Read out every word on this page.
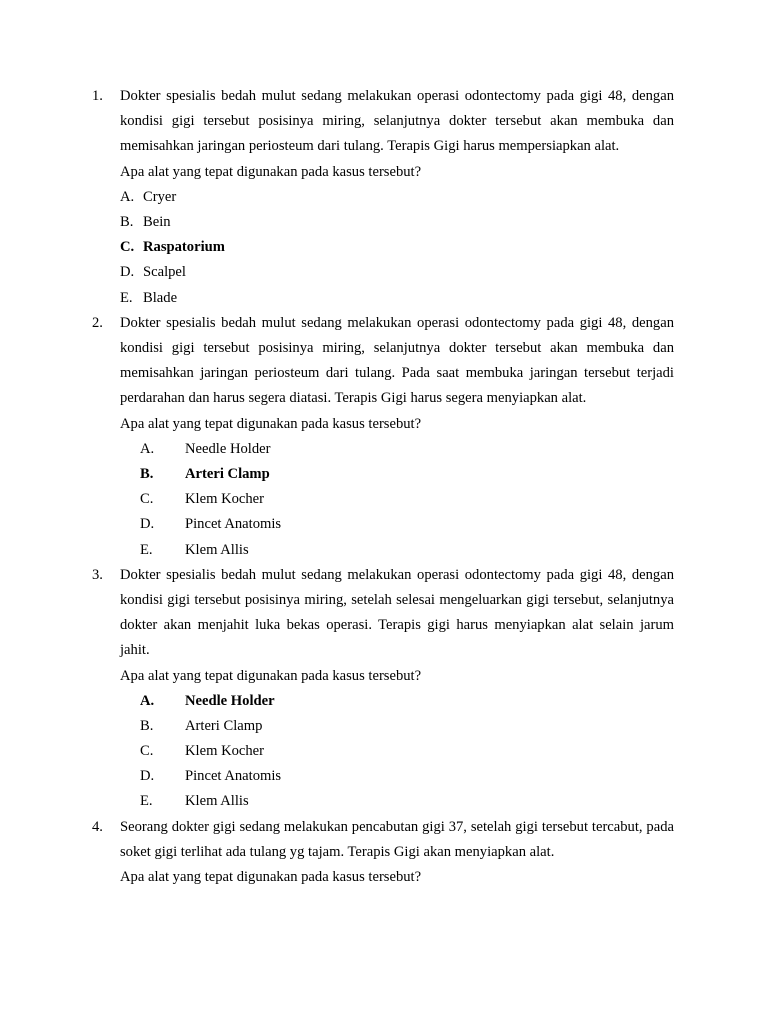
1. Dokter spesialis bedah mulut sedang melakukan operasi odontectomy pada gigi 48, dengan kondisi gigi tersebut posisinya miring, selanjutnya dokter tersebut akan membuka dan memisahkan jaringan periosteum dari tulang. Terapis Gigi harus mempersiapkan alat.
Apa alat yang tepat digunakan pada kasus tersebut?
A. Cryer
B. Bein
C. Raspatorium
D. Scalpel
E. Blade
2. Dokter spesialis bedah mulut sedang melakukan operasi odontectomy pada gigi 48, dengan kondisi gigi tersebut posisinya miring, selanjutnya dokter tersebut akan membuka dan memisahkan jaringan periosteum dari tulang. Pada saat membuka jaringan tersebut terjadi perdarahan dan harus segera diatasi. Terapis Gigi harus segera menyiapkan alat.
Apa alat yang tepat digunakan pada kasus tersebut?
A. Needle Holder
B. Arteri Clamp
C. Klem Kocher
D. Pincet Anatomis
E. Klem Allis
3. Dokter spesialis bedah mulut sedang melakukan operasi odontectomy pada gigi 48, dengan kondisi gigi tersebut posisinya miring, setelah selesai mengeluarkan gigi tersebut, selanjutnya dokter akan menjahit luka bekas operasi. Terapis gigi harus menyiapkan alat selain jarum jahit.
Apa alat yang tepat digunakan pada kasus tersebut?
A. Needle Holder
B. Arteri Clamp
C. Klem Kocher
D. Pincet Anatomis
E. Klem Allis
4. Seorang dokter gigi sedang melakukan pencabutan gigi 37, setelah gigi tersebut tercabut, pada soket gigi terlihat ada tulang yg tajam. Terapis Gigi akan menyiapkan alat.
Apa alat yang tepat digunakan pada kasus tersebut?
